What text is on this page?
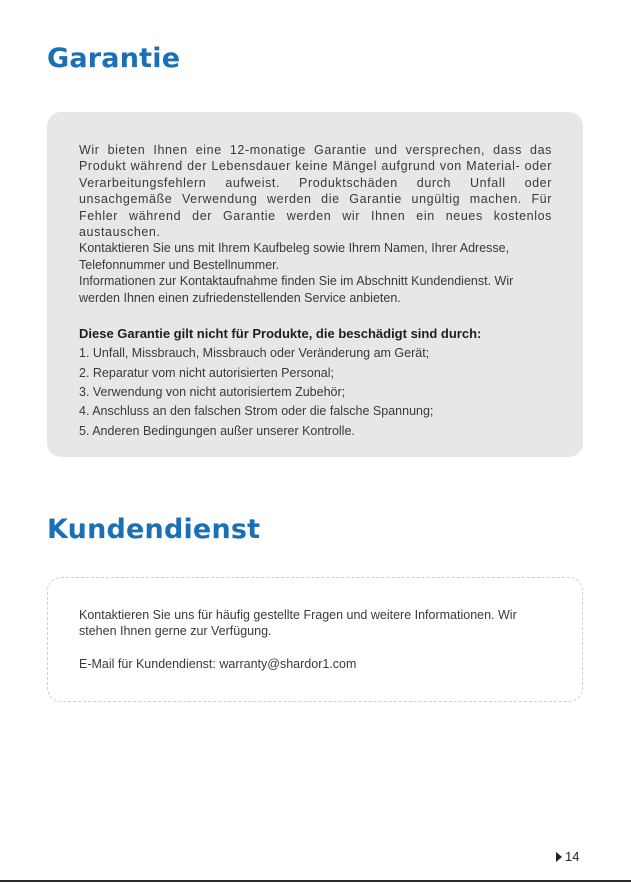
Garantie

Wir bieten Ihnen eine 12-monatige Garantie und versprechen, dass das Produkt während der Lebensdauer keine Mängel aufgrund von Material- oder Verarbeitungsfehlern aufweist. Produktschäden durch Unfall oder unsachgemäße Verwendung werden die Garantie ungültig machen. Für Fehler während der Garantie werden wir Ihnen ein neues kostenlos austauschen.

Kontaktieren Sie uns mit Ihrem Kaufbeleg sowie Ihrem Namen, Ihrer Adresse, Telefonnummer und Bestellnummer.

Informationen zur Kontaktaufnahme finden Sie im Abschnitt Kundendienst. Wir werden Ihnen einen zufriedenstellenden Service anbieten.

Diese Garantie gilt nicht für Produkte, die beschädigt sind durch:

1. Unfall, Missbrauch, Missbrauch oder Veränderung am Gerät;

2. Reparatur vom nicht autorisierten Personal;

3. Verwendung von nicht autorisiertem Zubehör;

4. Anschluss an den falschen Strom oder die falsche Spannung;

5. Anderen Bedingungen außer unserer Kontrolle.

Kundendienst

Kontaktieren Sie uns für häufig gestellte Fragen und weitere Informationen. Wir stehen Ihnen gerne zur Verfügung.

E-Mail für Kundendienst: warranty@shardor1.com

14
